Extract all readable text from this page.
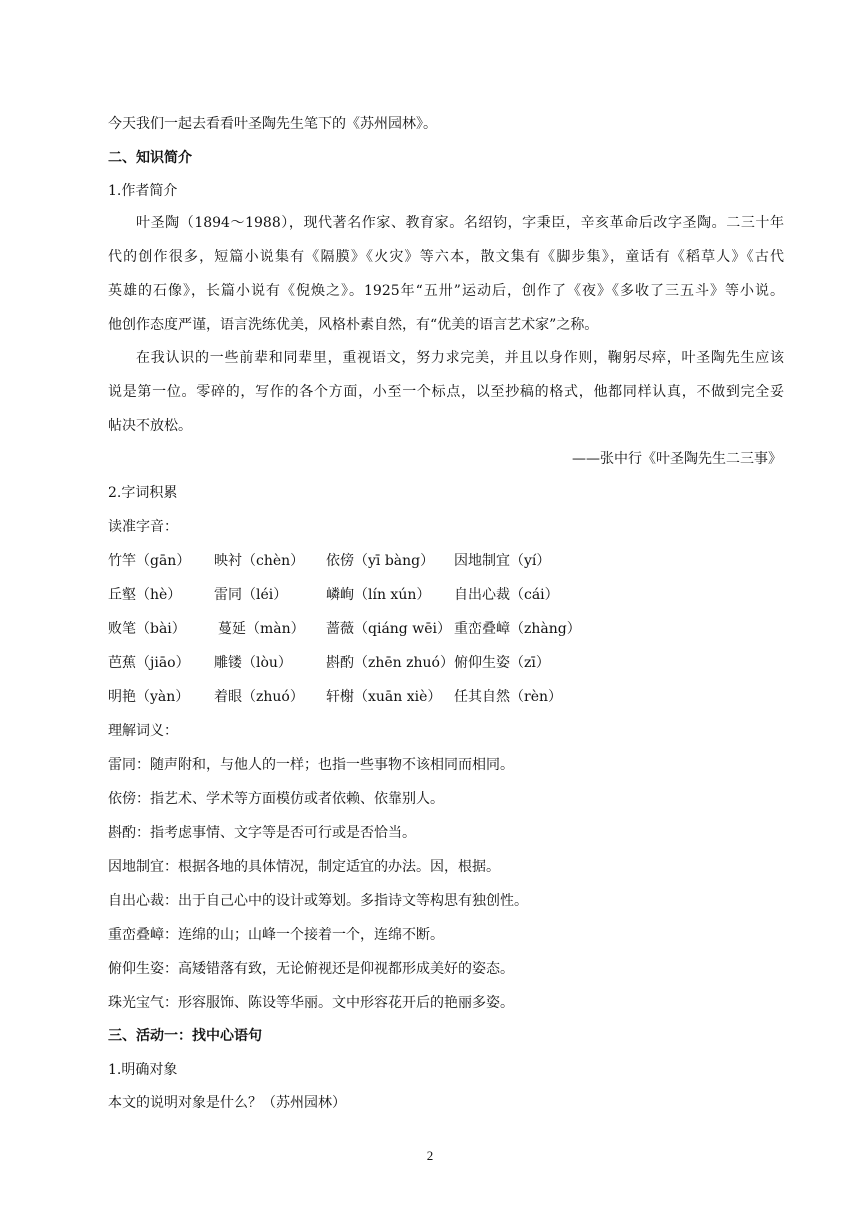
今天我们一起去看看叶圣陶先生笔下的《苏州园林》。
二、知识简介
1.作者简介
叶圣陶（1894～1988），现代著名作家、教育家。名绍钧，字秉臣，辛亥革命后改字圣陶。二三十年
代的创作很多，短篇小说集有《隔膜》《火灾》等六本，散文集有《脚步集》，童话有《稻草人》《古代
英雄的石像》，长篇小说有《倪焕之》。1925年“五卅”运动后，创作了《夜》《多收了三五斗》等小说。
他创作态度严谨，语言洗练优美，风格朴素自然，有“优美的语言艺术家”之称。
在我认识的一些前辈和同辈里，重视语文，努力求完美，并且以身作则，鞠躬尽瘁，叶圣陶先生应该
说是第一位。零碎的，写作的各个方面，小至一个标点，以至抄稿的格式，他都同样认真，不做到完全妥
帖决不放松。
——张中行《叶圣陶先生二三事》
2.字词积累
读准字音：
竹竿（gān） 映衬（chèn） 依傍（yī bàng） 因地制宜（yí）
丘壑（hè） 雷同（léi）	嶙峋（lín xún） 自出心裁（cái）
败笔（bài） 蔓延（màn） 蔷薇（qiáng wēi） 重峦叠嶂（zhàng）
芭蕉（jiāo） 雕镂（lòu） 斟酌（zhēn zhuó） 俯仰生姿（zī）
明艳（yàn） 着眼（zhuó） 轩榭（xuān xiè） 任其自然（rèn）
理解词义：
雷同：随声附和，与他人的一样；也指一些事物不该相同而相同。
依傍：指艺术、学术等方面模仿或者依赖、依靠别人。
斟酌：指考虑事情、文字等是否可行或是否恰当。
因地制宜：根据各地的具体情况，制定适宜的办法。因，根据。
自出心裁：出于自己心中的设计或筹划。多指诗文等构思有独创性。
重峦叠嶂：连绵的山；山峰一个接着一个，连绵不断。
俯仰生姿：高矮错落有致，无论俯视还是仰视都形成美好的姿态。
珠光宝气：形容服饰、陈设等华丽。文中形容花开后的艳丽多姿。
三、活动一：找中心语句
1.明确对象
本文的说明对象是什么？（苏州园林）
2
